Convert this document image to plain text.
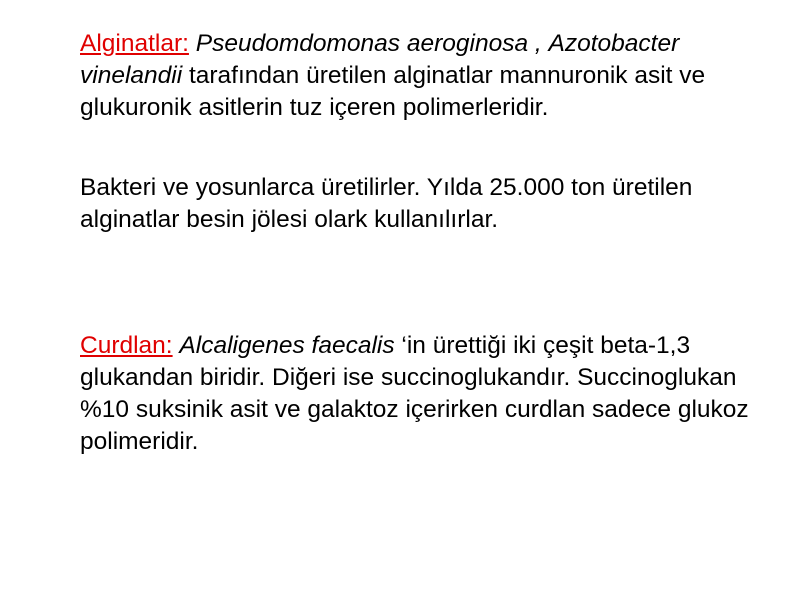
Alginatlar: Pseudomdomonas aeroginosa , Azotobacter vinelandii tarafından üretilen alginatlar mannuronik asit ve glukuronik asitlerin tuz içeren polimerleridir.

Bakteri ve yosunlarca üretilirler. Yılda 25.000 ton üretilen alginatlar besin jölesi olark kullanılırlar.

Curdlan: Alcaligenes faecalis ‘in ürettiği iki çeşit beta-1,3 glukandan biridir. Diğeri ise succinoglukandır. Succinoglukan %10 suksinik asit ve galaktoz içerirken curdlan sadece glukoz polimeridir.
